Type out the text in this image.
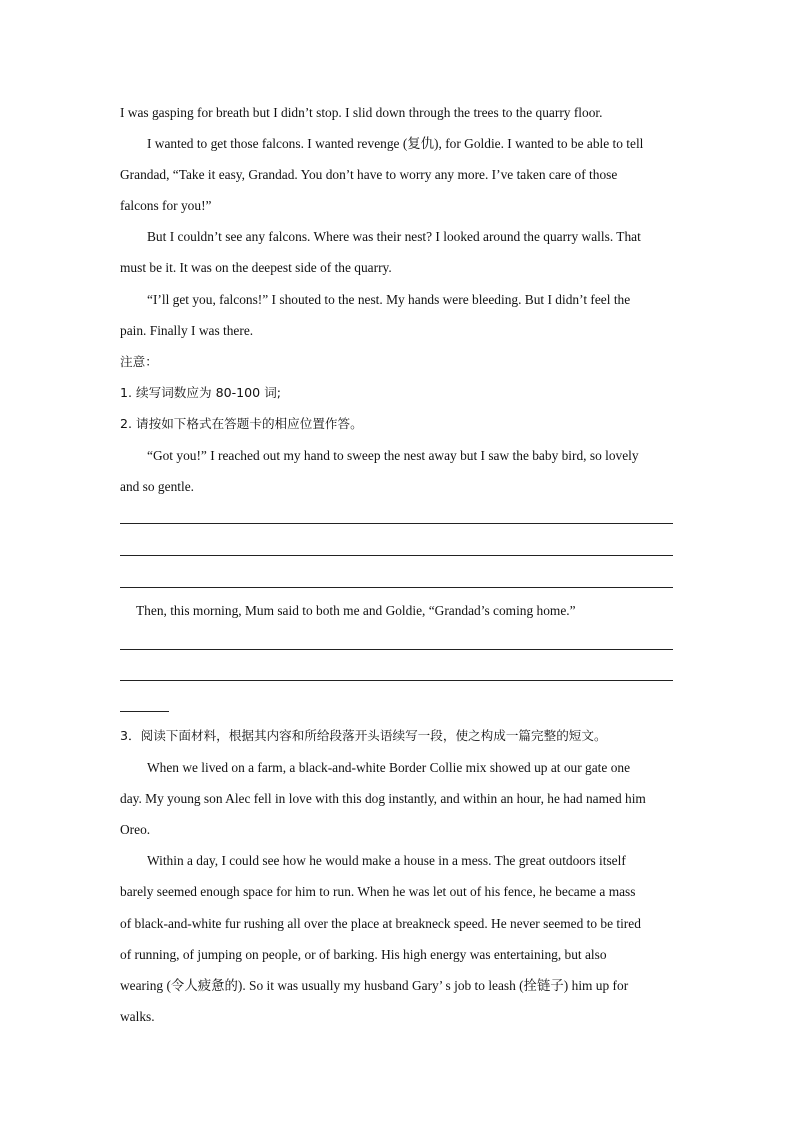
I was gasping for breath but I didn’t stop. I slid down through the trees to the quarry floor.
I wanted to get those falcons. I wanted revenge (复仇), for Goldie. I wanted to be able to tell
Grandad, “Take it easy, Grandad. You don’t have to worry any more. I’ve taken care of those
falcons for you!”
But I couldn’t see any falcons. Where was their nest? I looked around the quarry walls. That
must be it. It was on the deepest side of the quarry.
“I’ll get you, falcons!” I shouted to the nest. My hands were bleeding. But I didn’t feel the
pain. Finally I was there.
注意：
1. 续写词数应为 80-100 词;
2. 请按如下格式在答题卡的相应位置作答。
“Got you!” I reached out my hand to sweep the nest away but I saw the baby bird, so lovely
and so gentle.
Then, this morning, Mum said to both me and Goldie, “Grandad’s coming home.”
3．阅读下面材料，根据其内容和所给段落开头语续写一段，使之构成一篇完整的短文。
When we lived on a farm, a black-and-white Border Collie mix showed up at our gate one
day. My young son Alec fell in love with this dog instantly, and within an hour, he had named him
Oreo.
Within a day, I could see how he would make a house in a mess. The great outdoors itself
barely seemed enough space for him to run. When he was let out of his fence, he became a mass
of black-and-white fur rushing all over the place at breakneck speed. He never seemed to be tired
of running, of jumping on people, or of barking. His high energy was entertaining, but also
wearing (令人疲惫的). So it was usually my husband Gary’ s job to leash (拴链子) him up for
walks.
